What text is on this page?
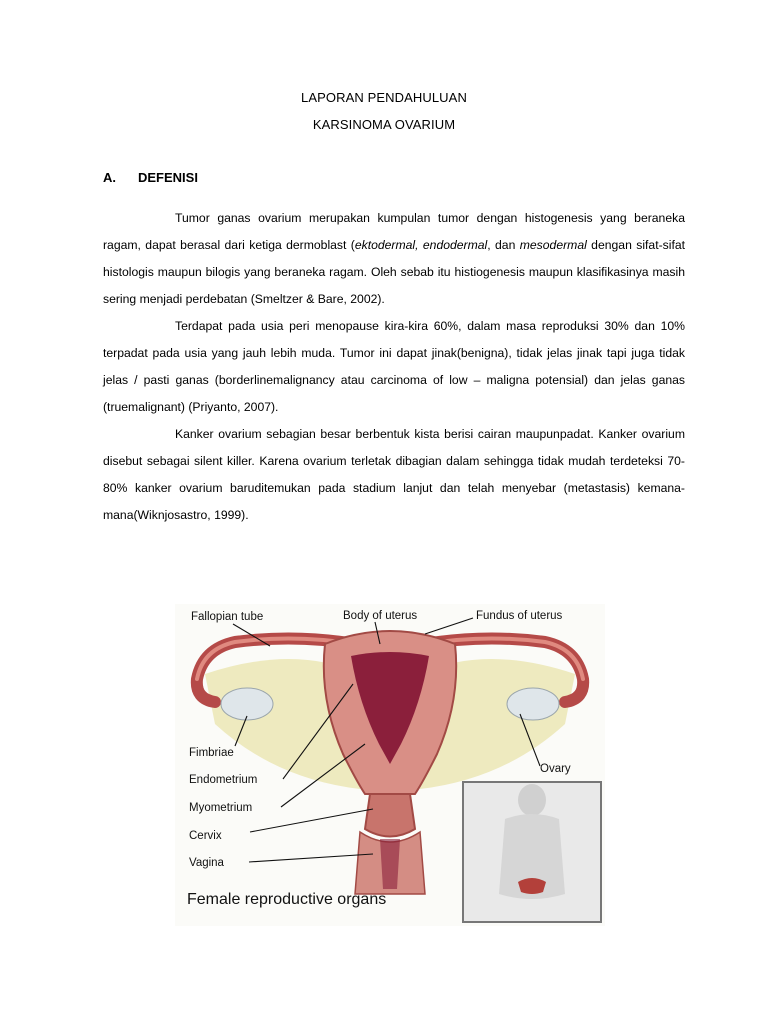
LAPORAN PENDAHULUAN
KARSINOMA OVARIUM
A. DEFENISI

Tumor ganas ovarium merupakan kumpulan tumor dengan histogenesis yang beraneka ragam, dapat berasal dari ketiga dermoblast (ektodermal, endodermal, dan mesodermal dengan sifat-sifat histologis maupun bilogis yang beraneka ragam. Oleh sebab itu histiogenesis maupun klasifikasinya masih sering menjadi perdebatan (Smeltzer & Bare, 2002).

Terdapat pada usia peri menopause kira-kira 60%, dalam masa reproduksi 30% dan 10% terpadat pada usia yang jauh lebih muda. Tumor ini dapat jinak(benigna), tidak jelas jinak tapi juga tidak jelas / pasti ganas (borderlinemalignancy atau carcinoma of low – maligna potensial) dan jelas ganas (truemalignant) (Priyanto, 2007).

Kanker ovarium sebagian besar berbentuk kista berisi cairan maupunpadat. Kanker ovarium disebut sebagai silent killer. Karena ovarium terletak dibagian dalam sehingga tidak mudah terdeteksi 70-80% kanker ovarium baruditemukan pada stadium lanjut dan telah menyebar (metastasis) kemana-mana(Wiknjosastro, 1999).

Fallopian tube	Body of uterus	Fundus of uterus
Fimbriae
Endometrium
Myometrium
Cervix
Vagina
Ovary
Female reproductive organs
